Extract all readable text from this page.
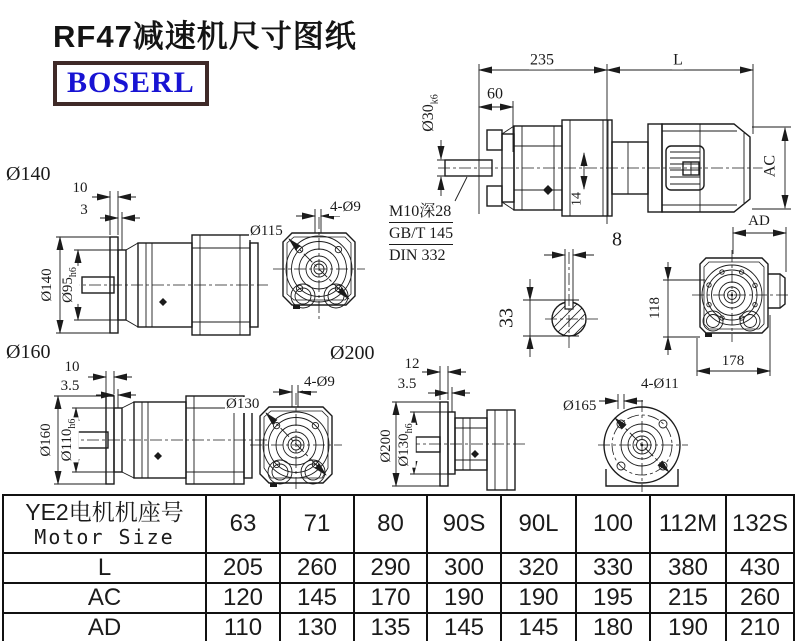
RF47减速机尺寸图纸
BOSERL
Ø140
Ø160	Ø200
235	L
60
$Ø30_{k6}$
14
AC
M10深28
GB/T 145
DIN 332
8
33
AD
118
178
10
3
Ø140 $Ø95_{h6}$
4-Ø9
Ø115
10
3.5
Ø160 $Ø110_{h6}$
4-Ø9
Ø130
12
3.5
Ø200 $Ø130_{h6}$
4-Ø11
Ø165
YE2电机机座号
Motor Size	63	71	80	90S	90L	100	112M	132S
L	205	260	290	300	320	330	380	430
AC	120	145	170	190	190	195	215	260
AD	110	130	135	145	145	180	190	210
